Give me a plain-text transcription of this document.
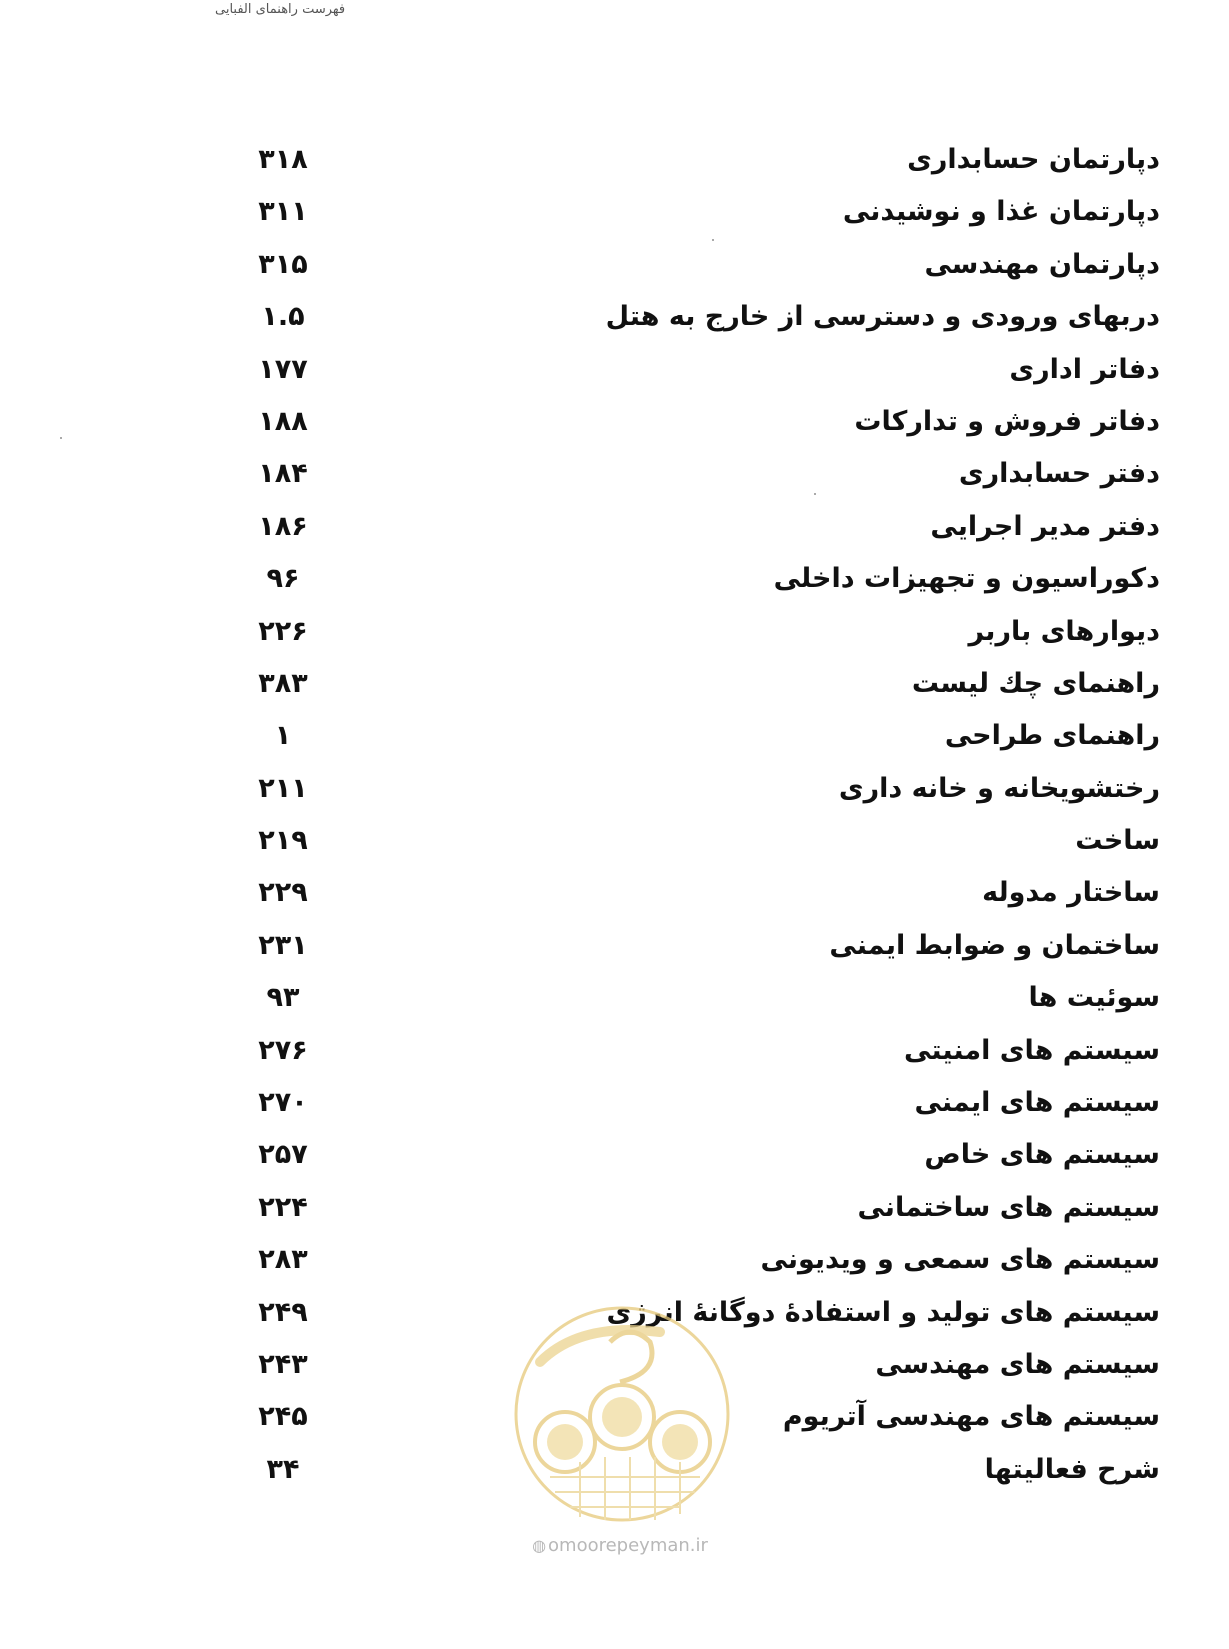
فهرست راهنمای الفبایی
دپارتمان حسابداری
۳۱۸
دپارتمان غذا و نوشیدنی
۳۱۱
دپارتمان مهندسی
۳۱۵
دربهای ورودی و دسترسی از خارج به هتل
۱.۵
دفاتر اداری
۱۷۷
دفاتر فروش و تدارکات
۱۸۸
دفتر حسابداری
۱۸۴
دفتر مدیر اجرایی
۱۸۶
دکوراسیون و تجهیزات داخلی
۹۶
دیوارهای باربر
۲۲۶
راهنمای چك لیست
۳۸۳
راهنمای طراحی
۱
رختشویخانه و خانه داری
۲۱۱
ساخت
۲۱۹
ساختار مدوله
۲۲۹
ساختمان و ضوابط ایمنی
۲۳۱
سوئیت ها
۹۳
سیستم های امنیتی
۲۷۶
سیستم های ایمنی
۲۷۰
سیستم های خاص
۲۵۷
سیستم های ساختمانی
۲۲۴
سیستم های سمعی و ویدیونی
۲۸۳
سیستم های تولید و استفادهٔ دوگانهٔ انرژی
۲۴۹
سیستم های مهندسی
۲۴۳
سیستم های مهندسی آتریوم
۲۴۵
شرح فعالیتها
۳۴
◍ omoorepeyman.ir
